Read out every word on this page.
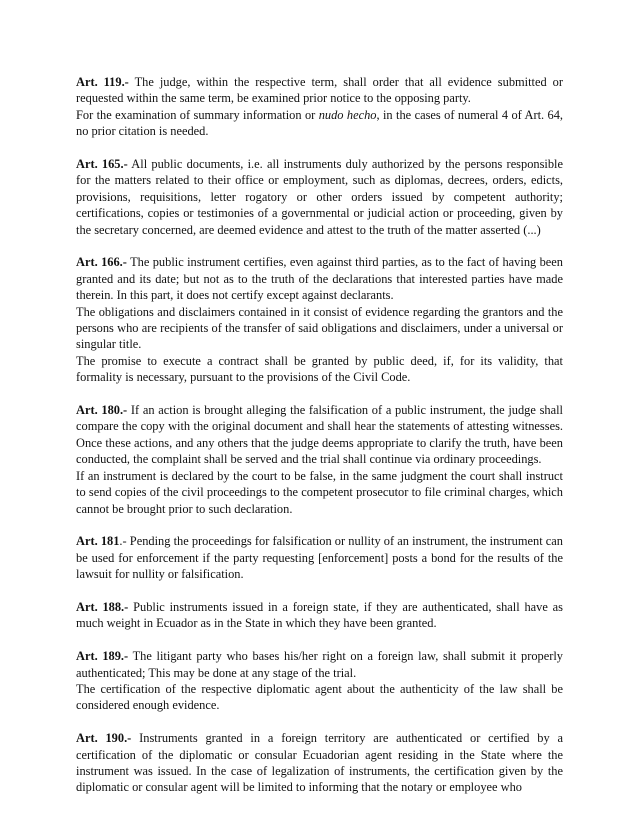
Art. 119.- The judge, within the respective term, shall order that all evidence submitted or requested within the same term, be examined prior notice to the opposing party.

For the examination of summary information or nudo hecho, in the cases of numeral 4 of Art. 64, no prior citation is needed.

Art. 165.- All public documents, i.e. all instruments duly authorized by the persons responsible for the matters related to their office or employment, such as diplomas, decrees, orders, edicts, provisions, requisitions, letter rogatory or other orders issued by competent authority; certifications, copies or testimonies of a governmental or judicial action or proceeding, given by the secretary concerned, are deemed evidence and attest to the truth of the matter asserted (...)

Art. 166.- The public instrument certifies, even against third parties, as to the fact of having been granted and its date; but not as to the truth of the declarations that interested parties have made therein. In this part, it does not certify except against declarants.

The obligations and disclaimers contained in it consist of evidence regarding the grantors and the persons who are recipients of the transfer of said obligations and disclaimers, under a universal or singular title.

The promise to execute a contract shall be granted by public deed, if, for its validity, that formality is necessary, pursuant to the provisions of the Civil Code.

Art. 180.- If an action is brought alleging the falsification of a public instrument, the judge shall compare the copy with the original document and shall hear the statements of attesting witnesses. Once these actions, and any others that the judge deems appropriate to clarify the truth, have been conducted, the complaint shall be served and the trial shall continue via ordinary proceedings.

If an instrument is declared by the court to be false, in the same judgment the court shall instruct to send copies of the civil proceedings to the competent prosecutor to file criminal charges, which cannot be brought prior to such declaration.

Art. 181.- Pending the proceedings for falsification or nullity of an instrument, the instrument can be used for enforcement if the party requesting [enforcement] posts a bond for the results of the lawsuit for nullity or falsification.

Art. 188.- Public instruments issued in a foreign state, if they are authenticated, shall have as much weight in Ecuador as in the State in which they have been granted.

Art. 189.- The litigant party who bases his/her right on a foreign law, shall submit it properly authenticated; This may be done at any stage of the trial.

The certification of the respective diplomatic agent about the authenticity of the law shall be considered enough evidence.

Art. 190.- Instruments granted in a foreign territory are authenticated or certified by a certification of the diplomatic or consular Ecuadorian agent residing in the State where the instrument was issued. In the case of legalization of instruments, the certification given by the diplomatic or consular agent will be limited to informing that the notary or employee who
